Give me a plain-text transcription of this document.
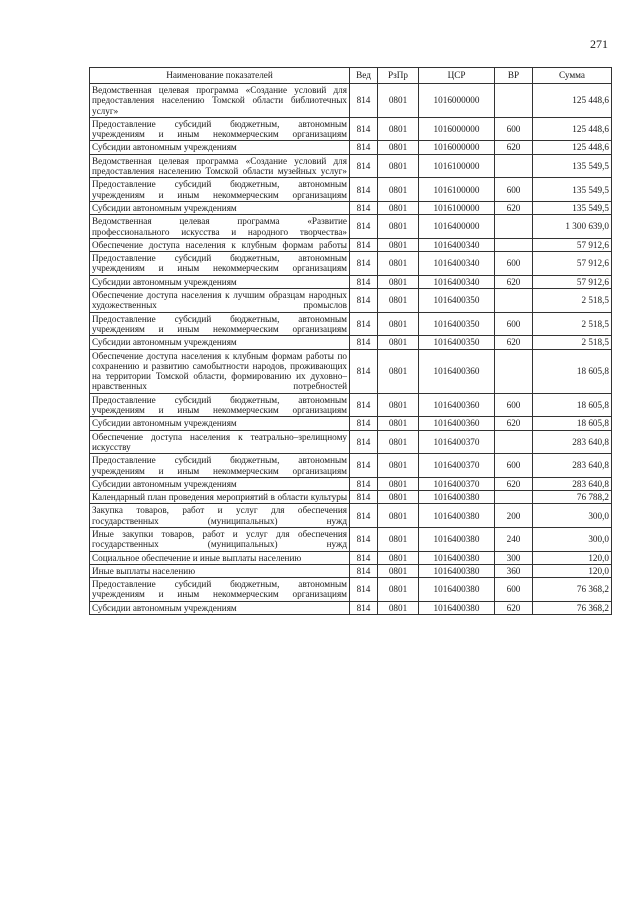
271
Наименование показателей	Вед	РзПр	ЦСР	ВР	Сумма
Ведомственная целевая программа «Создание условий для предоставления населению Томской области библиотечных услуг»	814	0801	1016000000		125 448,6
Предоставление субсидий бюджетным, автономным учреждениям и иным некоммерческим организациям	814	0801	1016000000	600	125 448,6
Субсидии автономным учреждениям	814	0801	1016000000	620	125 448,6
Ведомственная целевая программа «Создание условий для предоставления населению Томской области музейных услуг»	814	0801	1016100000		135 549,5
Предоставление субсидий бюджетным, автономным учреждениям и иным некоммерческим организациям	814	0801	1016100000	600	135 549,5
Субсидии автономным учреждениям	814	0801	1016100000	620	135 549,5
Ведомственная целевая программа «Развитие профессионального искусства и народного творчества»	814	0801	1016400000		1 300 639,0
Обеспечение доступа населения к клубным формам работы	814	0801	1016400340		57 912,6
Предоставление субсидий бюджетным, автономным учреждениям и иным некоммерческим организациям	814	0801	1016400340	600	57 912,6
Субсидии автономным учреждениям	814	0801	1016400340	620	57 912,6
Обеспечение доступа населения к лучшим образцам народных художественных промыслов	814	0801	1016400350		2 518,5
Предоставление субсидий бюджетным, автономным учреждениям и иным некоммерческим организациям	814	0801	1016400350	600	2 518,5
Субсидии автономным учреждениям	814	0801	1016400350	620	2 518,5
Обеспечение доступа населения к клубным формам работы по сохранению и развитию самобытности народов, проживающих на территории Томской области, формированию их духовно–нравственных потребностей	814	0801	1016400360		18 605,8
Предоставление субсидий бюджетным, автономным учреждениям и иным некоммерческим организациям	814	0801	1016400360	600	18 605,8
Субсидии автономным учреждениям	814	0801	1016400360	620	18 605,8
Обеспечение доступа населения к театрально–зрелищному искусству	814	0801	1016400370		283 640,8
Предоставление субсидий бюджетным, автономным учреждениям и иным некоммерческим организациям	814	0801	1016400370	600	283 640,8
Субсидии автономным учреждениям	814	0801	1016400370	620	283 640,8
Календарный план проведения мероприятий в области культуры	814	0801	1016400380		76 788,2
Закупка товаров, работ и услуг для обеспечения государственных (муниципальных) нужд	814	0801	1016400380	200	300,0
Иные закупки товаров, работ и услуг для обеспечения государственных (муниципальных) нужд	814	0801	1016400380	240	300,0
Социальное обеспечение и иные выплаты населению	814	0801	1016400380	300	120,0
Иные выплаты населению	814	0801	1016400380	360	120,0
Предоставление субсидий бюджетным, автономным учреждениям и иным некоммерческим организациям	814	0801	1016400380	600	76 368,2
Субсидии автономным учреждениям	814	0801	1016400380	620	76 368,2
